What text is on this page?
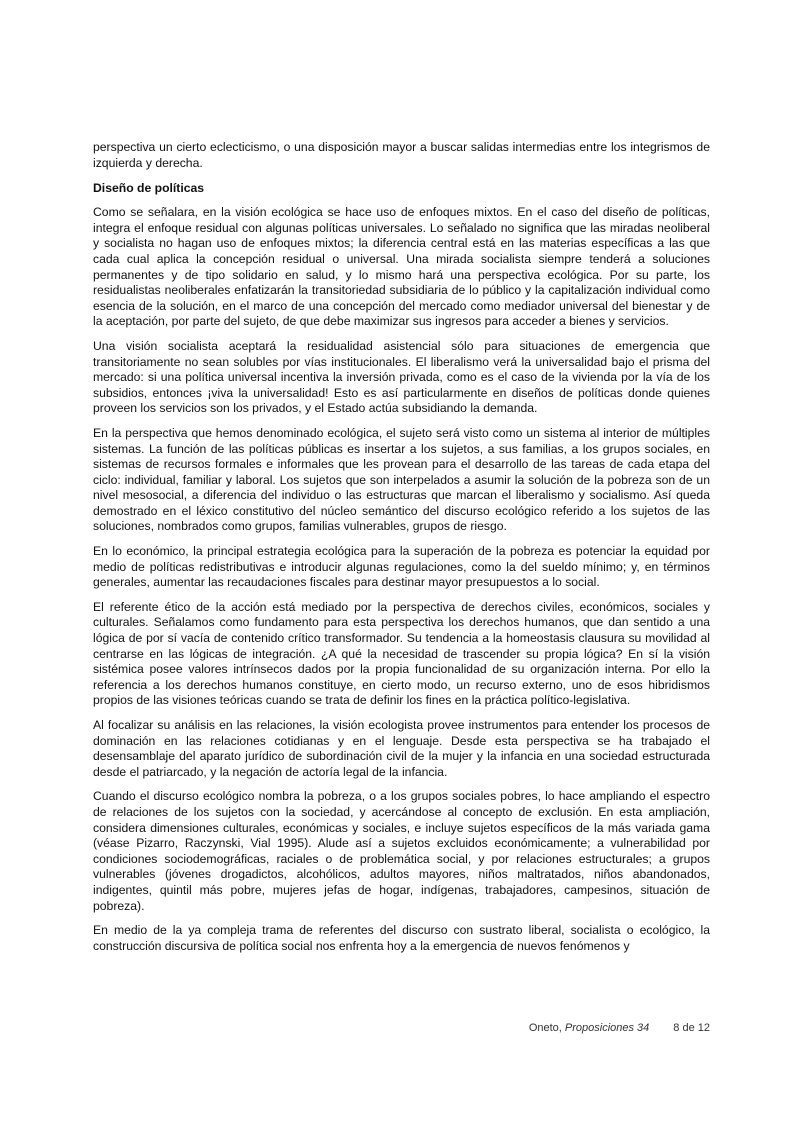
perspectiva un cierto eclecticismo, o una disposición mayor a buscar salidas intermedias entre los integrismos de izquierda y derecha.

Diseño de políticas

Como se señalara, en la visión ecológica se hace uso de enfoques mixtos. En el caso del diseño de políticas, integra el enfoque residual con algunas políticas universales. Lo señalado no significa que las miradas neoliberal y socialista no hagan uso de enfoques mixtos; la diferencia central está en las materias específicas a las que cada cual aplica la concepción residual o universal. Una mirada socialista siempre tenderá a soluciones permanentes y de tipo solidario en salud, y lo mismo hará una perspectiva ecológica. Por su parte, los residualistas neoliberales enfatizarán la transitoriedad subsidiaria de lo público y la capitalización individual como esencia de la solución, en el marco de una concepción del mercado como mediador universal del bienestar y de la aceptación, por parte del sujeto, de que debe maximizar sus ingresos para acceder a bienes y servicios.

Una visión socialista aceptará la residualidad asistencial sólo para situaciones de emergencia que transitoriamente no sean solubles por vías institucionales. El liberalismo verá la universalidad bajo el prisma del mercado: si una política universal incentiva la inversión privada, como es el caso de la vivienda por la vía de los subsidios, entonces ¡viva la universalidad! Esto es así particularmente en diseños de políticas donde quienes proveen los servicios son los privados, y el Estado actúa subsidiando la demanda.

En la perspectiva que hemos denominado ecológica, el sujeto será visto como un sistema al interior de múltiples sistemas. La función de las políticas públicas es insertar a los sujetos, a sus familias, a los grupos sociales, en sistemas de recursos formales e informales que les provean para el desarrollo de las tareas de cada etapa del ciclo: individual, familiar y laboral. Los sujetos que son interpelados a asumir la solución de la pobreza son de un nivel mesosocial, a diferencia del individuo o las estructuras que marcan el liberalismo y socialismo. Así queda demostrado en el léxico constitutivo del núcleo semántico del discurso ecológico referido a los sujetos de las soluciones, nombrados como grupos, familias vulnerables, grupos de riesgo.

En lo económico, la principal estrategia ecológica para la superación de la pobreza es potenciar la equidad por medio de políticas redistributivas e introducir algunas regulaciones, como la del sueldo mínimo; y, en términos generales, aumentar las recaudaciones fiscales para destinar mayor presupuestos a lo social.

El referente ético de la acción está mediado por la perspectiva de derechos civiles, económicos, sociales y culturales. Señalamos como fundamento para esta perspectiva los derechos humanos, que dan sentido a una lógica de por sí vacía de contenido crítico transformador. Su tendencia a la homeostasis clausura su movilidad al centrarse en las lógicas de integración. ¿A qué la necesidad de trascender su propia lógica? En sí la visión sistémica posee valores intrínsecos dados por la propia funcionalidad de su organización interna. Por ello la referencia a los derechos humanos constituye, en cierto modo, un recurso externo, uno de esos hibridismos propios de las visiones teóricas cuando se trata de definir los fines en la práctica político-legislativa.

Al focalizar su análisis en las relaciones, la visión ecologista provee instrumentos para entender los procesos de dominación en las relaciones cotidianas y en el lenguaje. Desde esta perspectiva se ha trabajado el desensamblaje del aparato jurídico de subordinación civil de la mujer y la infancia en una sociedad estructurada desde el patriarcado, y la negación de actoría legal de la infancia.

Cuando el discurso ecológico nombra la pobreza, o a los grupos sociales pobres, lo hace ampliando el espectro de relaciones de los sujetos con la sociedad, y acercándose al concepto de exclusión. En esta ampliación, considera dimensiones culturales, económicas y sociales, e incluye sujetos específicos de la más variada gama (véase Pizarro, Raczynski, Vial 1995). Alude así a sujetos excluidos económicamente; a vulnerabilidad por condiciones sociodemográficas, raciales o de problemática social, y por relaciones estructurales; a grupos vulnerables (jóvenes drogadictos, alcohólicos, adultos mayores, niños maltratados, niños abandonados, indigentes, quintil más pobre, mujeres jefas de hogar, indígenas, trabajadores, campesinos, situación de pobreza).

En medio de la ya compleja trama de referentes del discurso con sustrato liberal, socialista o ecológico, la construcción discursiva de política social nos enfrenta hoy a la emergencia de nuevos fenómenos y

Oneto, Proposiciones 34 8 de 12
